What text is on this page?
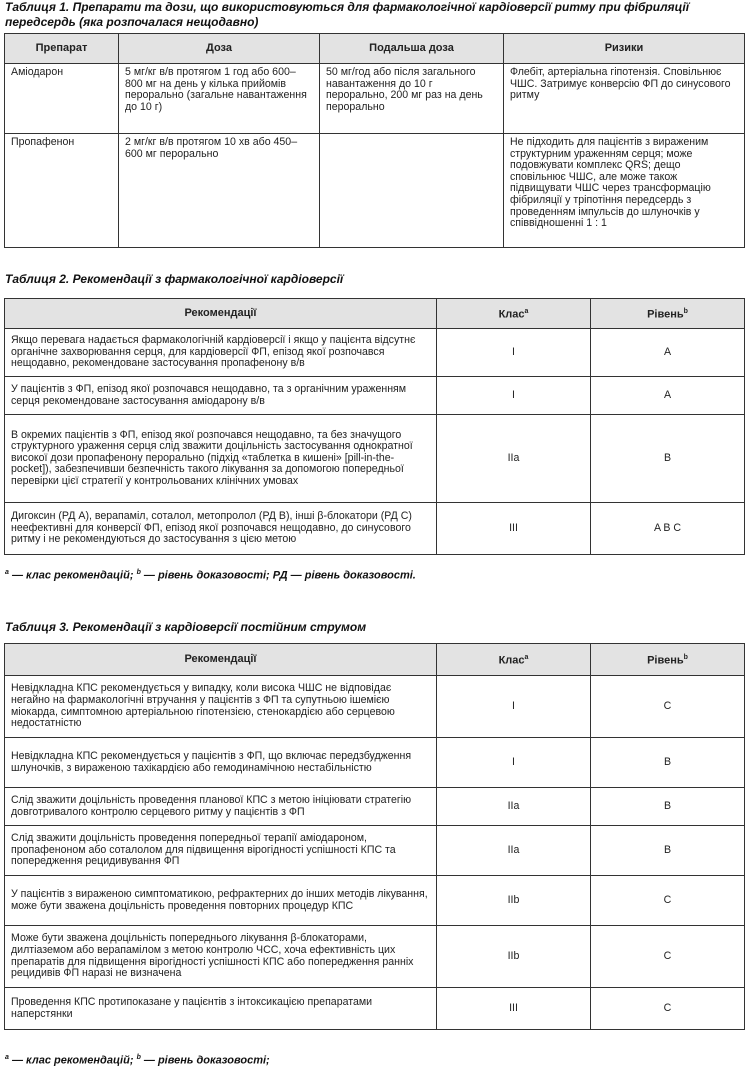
Таблиця 1. Препарати та дози, що використовуються для фармакологічної кардіоверсії ритму при фібриляції
передсердь (яка розпочалася нещодавно)
Препарат	Доза	Подальша доза	Ризики
Аміодарон	5 мг/кг в/в протягом 1 год або 600–800 мг на день у кілька прийомів перорально (загальне навантаження до 10 г)	50 мг/год або після загального навантаження до 10 г перорально, 200 мг раз на день перорально	Флебіт, артеріальна гіпотензія. Сповільнює ЧШС. Затримує конверсію ФП до синусового ритму
Пропафенон	2 мг/кг в/в протягом 10 хв або 450–600 мг перорально		Не підходить для пацієнтів з вираженим структурним ураженням серця; може подовжувати комплекс QRS; дещо сповільнює ЧШС, але може також підвищувати ЧШС через трансформацію фібриляції у тріпотіння передсердь з проведенням імпульсів до шлуночків у співвідношенні 1 : 1
Таблиця 2. Рекомендації з фармакологічної кардіоверсії
Рекомендації	Клас$^a$	Рівень$^b$
Якщо перевага надається фармакологічній кардіоверсії і якщо у пацієнта відсутнє органічне захворювання серця, для кардіоверсії ФП, епізод якої розпочався нещодавно, рекомендоване застосування пропафенону в/в	I	A
У пацієнтів з ФП, епізод якої розпочався нещодавно, та з органічним ураженням серця рекомендоване застосування аміодарону в/в	I	A
В окремих пацієнтів з ФП, епізод якої розпочався нещодавно, та без значущого структурного ураження серця слід зважити доцільність застосування однократної високої дози пропафенону перорально (підхід «таблетка в кишені» [pill-in-the-pocket]), забезпечивши безпечність такого лікування за допомогою попередньої перевірки цієї стратегії у контрольованих клінічних умовах	IIa	B
Дигоксин (РД А), верапаміл, соталол, метопролол (РД В), інші β-блокатори (РД С) неефективні для конверсії ФП, епізод якої розпочався нещодавно, до синусового ритму і не рекомендуються до застосування з цією метою	III	A B C
$^a$ — клас рекомендацій; $^b$ — рівень доказовості; РД — рівень доказовості.
Таблиця 3. Рекомендації з кардіоверсії постійним струмом
Рекомендації	Клас$^a$	Рівень$^b$
Невідкладна КПС рекомендується у випадку, коли висока ЧШС не відповідає негайно на фармакологічні втручання у пацієнтів з ФП та супутньою ішемією міокарда, симптомною артеріальною гіпотензією, стенокардією або серцевою недостатністю	I	C
Невідкладна КПС рекомендується у пацієнтів з ФП, що включає передзбудження шлуночків, з вираженою тахікардією або гемодинамічною нестабільністю	I	B
Слід зважити доцільність проведення планової КПС з метою ініціювати стратегію довготривалого контролю серцевого ритму у пацієнтів з ФП	IIa	B
Слід зважити доцільність проведення попередньої терапії аміодароном, пропафеноном або соталолом для підвищення вірогідності успішності КПС та попередження рецидивування ФП	IIa	B
У пацієнтів з вираженою симптоматикою, рефрактерних до інших методів лікування, може бути зважена доцільність проведення повторних процедур КПС	IIb	C
Може бути зважена доцільність попереднього лікування β-блокаторами, дилтіаземом або верапамілом з метою контролю ЧСС, хоча ефективність цих препаратів для підвищення вірогідності успішності КПС або попередження ранніх рецидивів ФП наразі не визначена	IIb	C
Проведення КПС протипоказане у пацієнтів з інтоксикацією препаратами наперстянки	III	C
$^a$ — клас рекомендацій; $^b$ — рівень доказовості;
